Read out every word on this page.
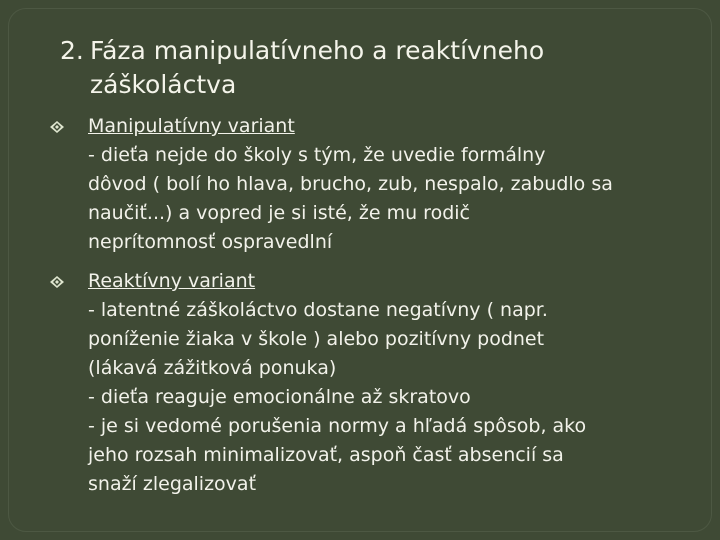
2. Fáza manipulatívneho a reaktívneho
záškoláctva
Manipulatívny variant
- dieťa nejde do školy s tým, že uvedie formálny
dôvod ( bolí ho hlava, brucho, zub, nespalo, zabudlo sa
naučiť...) a vopred je si isté, že mu rodič
neprítomnosť ospravedlní
Reaktívny variant
- latentné záškoláctvo dostane negatívny ( napr.
poníženie žiaka v škole ) alebo pozitívny podnet
(lákavá zážitková ponuka)
- dieťa reaguje emocionálne až skratovo
- je si vedomé porušenia normy a hľadá spôsob, ako
jeho rozsah minimalizovať, aspoň časť absencií sa
snaží zlegalizovať
